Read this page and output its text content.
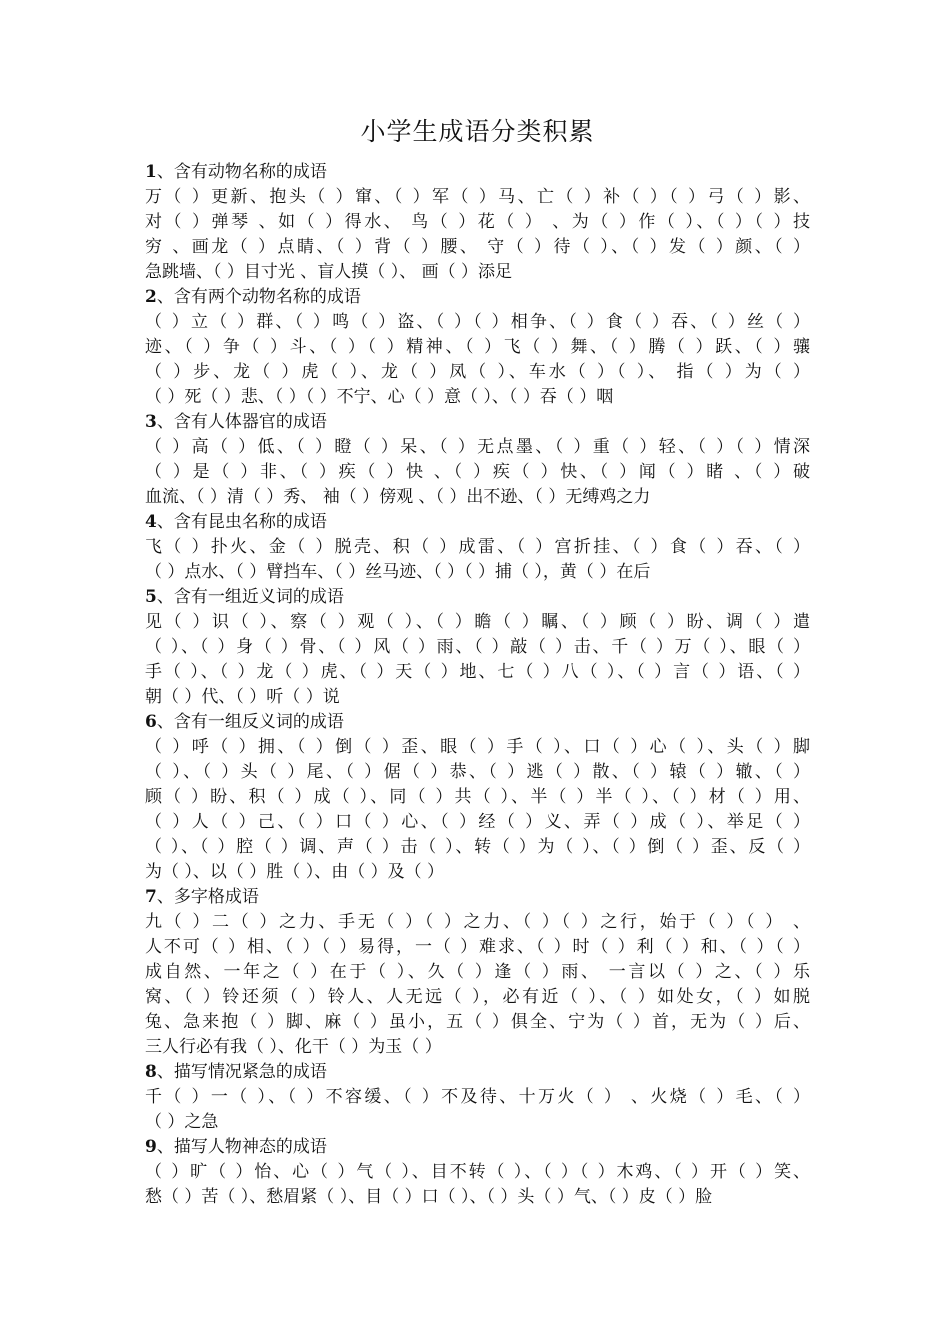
小学生成语分类积累
1、含有动物名称的成语
万（ ）更新、抱头（ ）窜、（ ）军（ ）马、亡（ ）补（ ）（ ）弓（ ）影、
对（ ）弹琴 、如（ ）得水、 鸟（ ）花（ ） 、为（ ）作（ ）、（ ）（ ）技
穷 、画龙（ ）点睛、（ ）背（ ）腰、 守（ ）待（ ）、（ ）发（ ）颜、（ ）
急跳墙、（ ）目寸光 、盲人摸（ ）、 画（ ）添足
2、含有两个动物名称的成语
（ ）立（ ）群、（ ）鸣（ ）盗、（ ）（ ）相争、（ ）食（ ）吞、（ ）丝（ ）
迹、（ ）争（ ）斗、（ ）（ ）精神、（ ）飞（ ）舞、（ ）腾（ ）跃、（ ）骧
（ ）步、龙（ ）虎（ ）、龙（ ）凤（ ）、车水（ ）（ ）、 指（ ）为（ ）
（ ）死（ ）悲、（ ）（ ）不宁、心（ ）意（ ）、（ ）吞（ ）咽
3、含有人体器官的成语
（ ）高（ ）低、（ ）瞪（ ）呆、（ ）无点墨、（ ）重（ ）轻、（ ）（ ）情深
（ ）是（ ）非、（ ）疾（ ）快 、（ ）疾（ ）快、（ ）闻（ ）睹 、（ ）破
血流、（ ）清（ ）秀、 袖（ ）傍观 、（ ）出不逊、（ ）无缚鸡之力
4、含有昆虫名称的成语
飞（ ）扑火、金（ ）脱壳、积（ ）成雷、（ ）宫折挂、（ ）食（ ）吞、（ ）
（ ）点水、（ ）臂挡车、（ ）丝马迹、（ ）（ ）捕（ ），黄（ ）在后
5、含有一组近义词的成语
见（ ）识（ ）、察（ ）观（ ）、（ ）瞻（ ）瞩、（ ）顾（ ）盼、调（ ）遣
（ ）、（ ）身（ ）骨、（ ）风（ ）雨、（ ）敲（ ）击、千（ ）万（ ）、眼（ ）
手（ ）、（ ）龙（ ）虎、（ ）天（ ）地、七（ ）八（ ）、（ ）言（ ）语、（ ）
朝（ ）代、（ ）听（ ）说
6、含有一组反义词的成语
（ ）呼（ ）拥、（ ）倒（ ）歪、眼（ ）手（ ）、口（ ）心（ ）、头（ ）脚
（ ）、（ ）头（ ）尾、（ ）倨（ ）恭、（ ）逃（ ）散、（ ）辕（ ）辙、（ ）
顾（ ）盼、积（ ）成（ ）、同（ ）共（ ）、半（ ）半（ ）、（ ）材（ ）用、
（ ）人（ ）己、（ ）口（ ）心、（ ）经（ ）义、弄（ ）成（ ）、举足（ ）
（ ）、（ ）腔（ ）调、声（ ）击（ ）、转（ ）为（ ）、（ ）倒（ ）歪、反（ ）
为（ ）、以（ ）胜（ ）、由（ ）及（ ）
7、多字格成语
九（ ）二（ ）之力、手无（ ）（ ）之力、（ ）（ ）之行，始于（ ）（ ） 、
人不可（ ）相、（ ）（ ）易得，一（ ）难求、（ ）时（ ）利（ ）和、（ ）（ ）
成自然、一年之（ ）在于（ ）、久（ ）逢（ ）雨、 一言以（ ）之、（ ）乐
窝、（ ）铃还须（ ）铃人、人无远（ ），必有近（ ）、（ ）如处女，（ ）如脱
兔、急来抱（ ）脚、麻（ ）虽小，五（ ）俱全、宁为（ ）首，无为（ ）后、
三人行必有我（ ）、化干（ ）为玉（ ）
8、描写情况紧急的成语
千（ ）一（ ）、（ ）不容缓、（ ）不及待、十万火（ ） 、火烧（ ）毛、（ ）
（ ）之急
9、描写人物神态的成语
（ ）旷（ ）怡、心（ ）气（ ）、目不转（ ）、（ ）（ ）木鸡、（ ）开（ ）笑、
愁（ ）苦（ ）、愁眉紧（ ）、目（ ）口（ ）、（ ）头（ ）气、（ ）皮（ ）脸
